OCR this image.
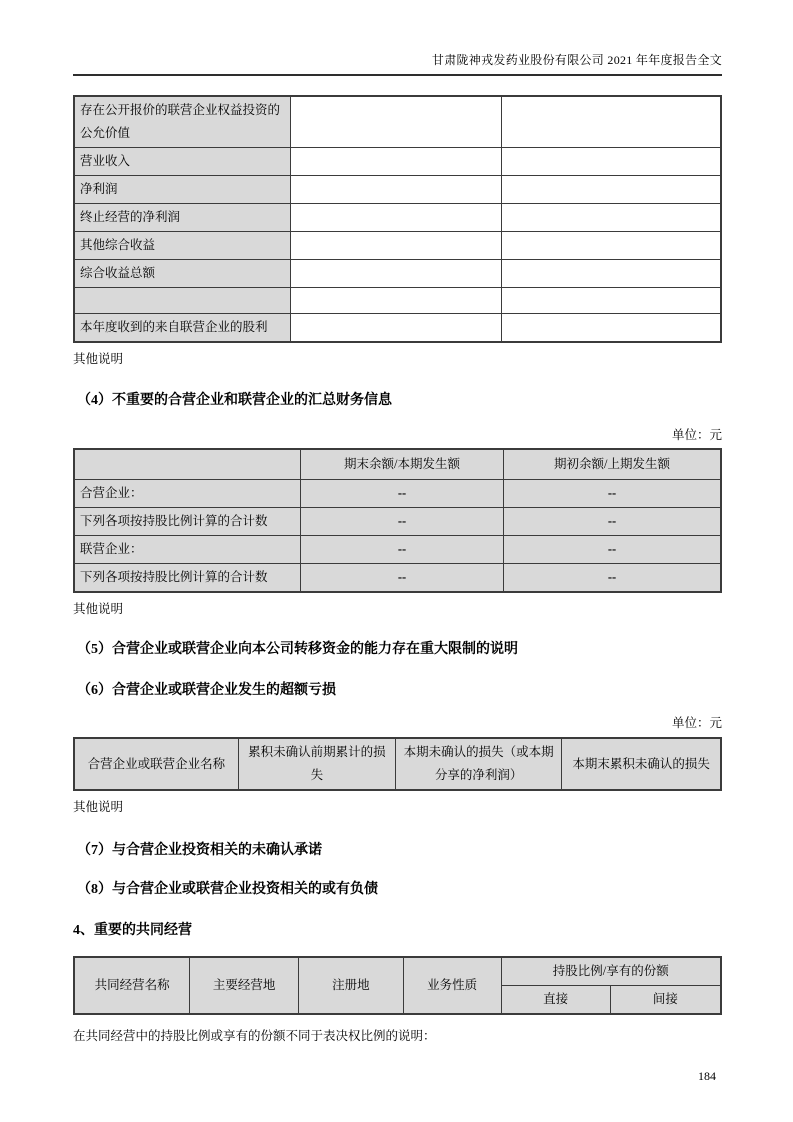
甘肃陇神戎发药业股份有限公司 2021 年年度报告全文
存在公开报价的联营企业权益投资的公允价值		
营业收入		
净利润		
终止经营的净利润		
其他综合收益		
综合收益总额		

本年度收到的来自联营企业的股利		
其他说明
（4）不重要的合营企业和联营企业的汇总财务信息
单位：元
	期末余额/本期发生额	期初余额/上期发生额
合营企业：	--	--
下列各项按持股比例计算的合计数	--	--
联营企业：	--	--
下列各项按持股比例计算的合计数	--	--
其他说明
（5）合营企业或联营企业向本公司转移资金的能力存在重大限制的说明
（6）合营企业或联营企业发生的超额亏损
单位：元
合营企业或联营企业名称	累积未确认前期累计的损失	本期未确认的损失（或本期分享的净利润）	本期末累积未确认的损失
其他说明
（7）与合营企业投资相关的未确认承诺
（8）与合营企业或联营企业投资相关的或有负债
4、重要的共同经营
共同经营名称	主要经营地	注册地	业务性质	持股比例/享有的份额	
				直接	间接
在共同经营中的持股比例或享有的份额不同于表决权比例的说明：
184
